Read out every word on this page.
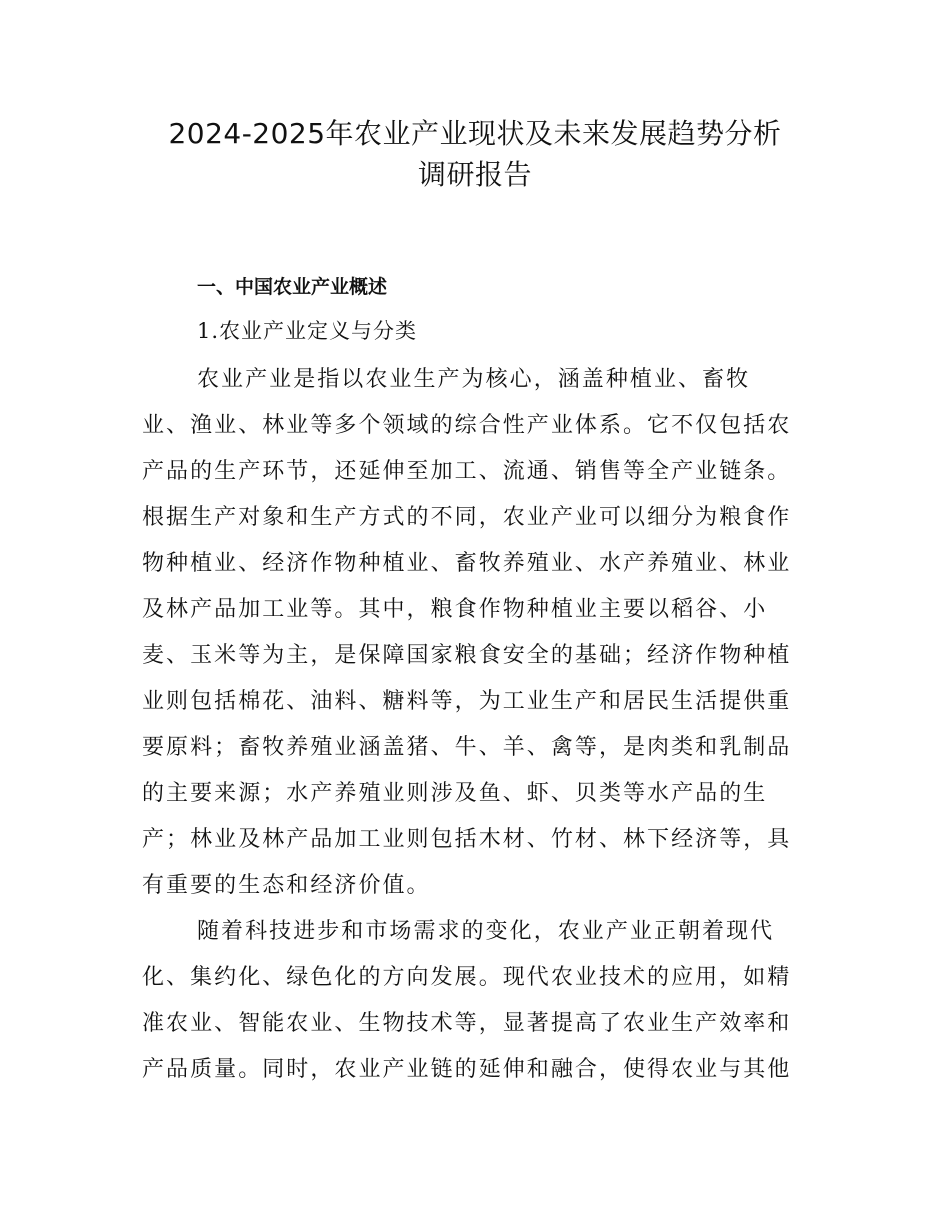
2024-2025年农业产业现状及未来发展趋势分析
调研报告
一、中国农业产业概述
1.农业产业定义与分类
农业产业是指以农业生产为核心，涵盖种植业、畜牧
业、渔业、林业等多个领域的综合性产业体系。它不仅包括农
产品的生产环节，还延伸至加工、流通、销售等全产业链条。
根据生产对象和生产方式的不同，农业产业可以细分为粮食作
物种植业、经济作物种植业、畜牧养殖业、水产养殖业、林业
及林产品加工业等。其中，粮食作物种植业主要以稻谷、小
麦、玉米等为主，是保障国家粮食安全的基础；经济作物种植
业则包括棉花、油料、糖料等，为工业生产和居民生活提供重
要原料；畜牧养殖业涵盖猪、牛、羊、禽等，是肉类和乳制品
的主要来源；水产养殖业则涉及鱼、虾、贝类等水产品的生
产；林业及林产品加工业则包括木材、竹材、林下经济等，具
有重要的生态和经济价值。
随着科技进步和市场需求的变化，农业产业正朝着现代
化、集约化、绿色化的方向发展。现代农业技术的应用，如精
准农业、智能农业、生物技术等，显著提高了农业生产效率和
产品质量。同时，农业产业链的延伸和融合，使得农业与其他
